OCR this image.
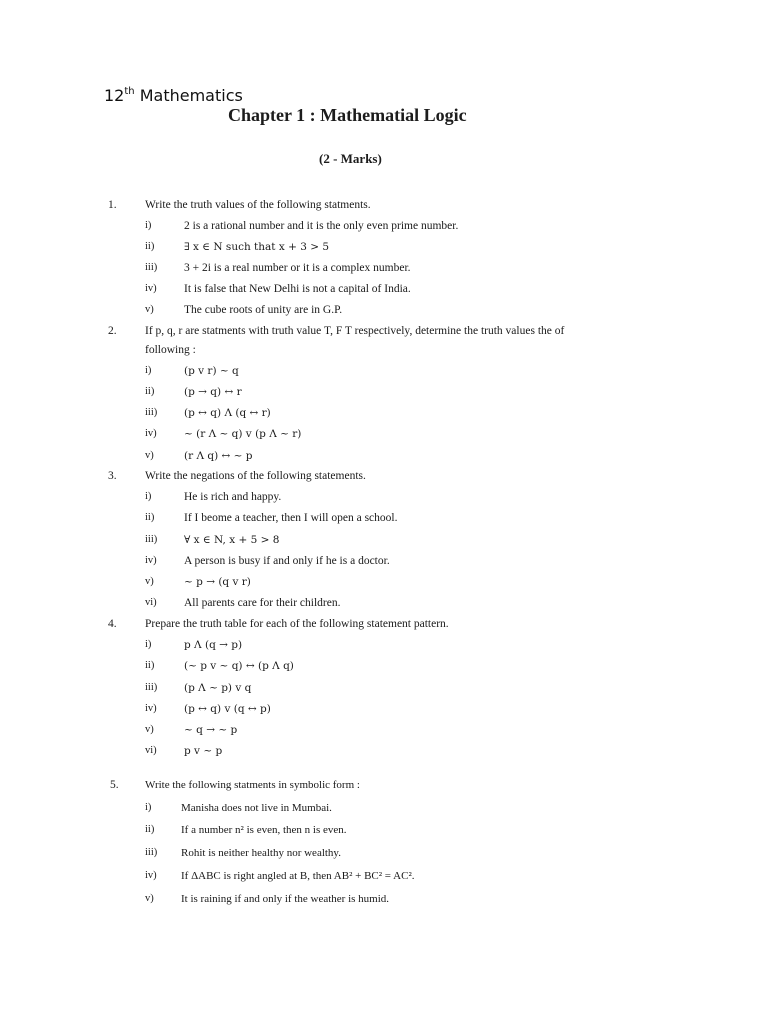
12th Mathematics
Chapter 1 : Mathematial Logic
(2 - Marks)
1. Write the truth values of the following statments.
i)	2 is a rational number and it is the only even prime number.
ii)	∃ x ∈ N such that x + 3 > 5
iii) 3 + 2i is a real number or it is a complex number.
iv) It is false that New Delhi is not a capital of India.
v)	The cube roots of unity are in G.P.
2. If p, q, r are statments with truth value T, F T respectively, determine the truth values the of
following :
i)	(p v r) ~ q
ii)	(p → q) ↔ r
iii)	(p ↔ q) Λ (q ↔ r)
iv)	~ (r Λ ~ q) v (p Λ ~ r)
v)	(r Λ q) ↔ ~ p
3. Write the negations of the following statements.
i)	He is rich and happy.
ii)	If I beome a teacher, then I will open a school.
iii)	∀ x ∈ N, x + 5 > 8
iv) A person is busy if and only if he is a doctor.
v)	~ p → (q v r)
vi) All parents care for their children.
4. Prepare the truth table for each of the following statement pattern.
i)	p Λ (q → p)
ii)	(~ p v ~ q) ↔ (p Λ q)
iii)	(p Λ ~ p) v q
iv)	(p ↔ q) v (q ↔ p)
v)	~ q → ~ p
vi)	p v ~ p
5. Write the following statments in symbolic form :
i)	Manisha does not live in Mumbai.
ii) If a number n² is even, then n is even.
iii) Rohit is neither healthy nor wealthy.
iv) If ΔABC is right angled at B, then AB² + BC² = AC².
v) It is raining if and only if the weather is humid.
